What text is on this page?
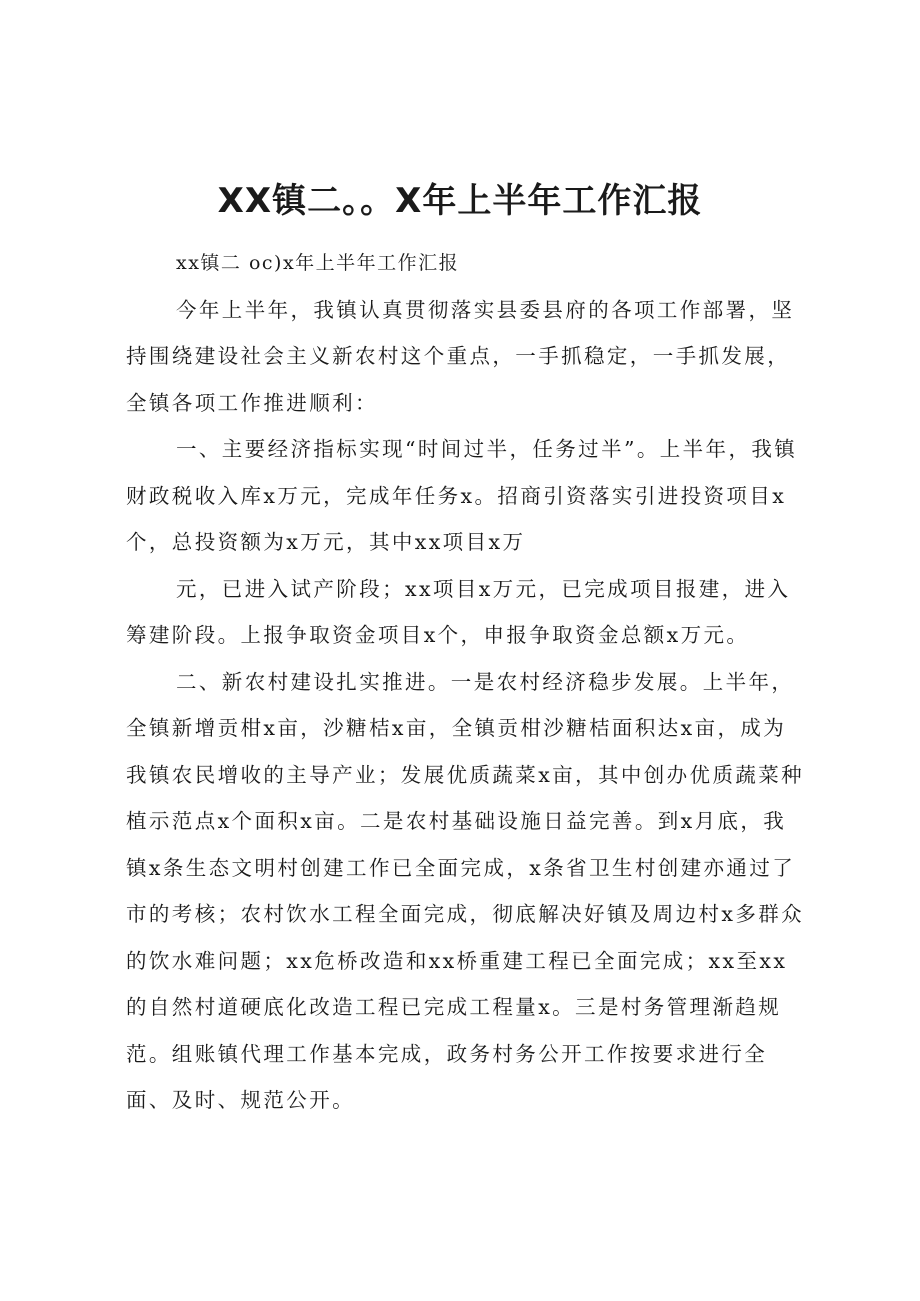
XX镇二。。X年上半年工作汇报

xx镇二 oc)x年上半年工作汇报

今年上半年，我镇认真贯彻落实县委县府的各项工作部署，坚持围绕建设社会主义新农村这个重点，一手抓稳定，一手抓发展，全镇各项工作推进顺利：

一、主要经济指标实现“时间过半，任务过半”。上半年，我镇财政税收入库x万元，完成年任务x。招商引资落实引进投资项目x个，总投资额为x万元，其中xx项目x万

元，已进入试产阶段；xx项目x万元，已完成项目报建，进入筹建阶段。上报争取资金项目x个，申报争取资金总额x万元。

二、新农村建设扎实推进。一是农村经济稳步发展。上半年，全镇新增贡柑x亩，沙糖桔x亩，全镇贡柑沙糖桔面积达x亩，成为我镇农民增收的主导产业；发展优质蔬菜x亩，其中创办优质蔬菜种植示范点x个面积x亩。二是农村基础设施日益完善。到x月底，我镇x条生态文明村创建工作已全面完成，x条省卫生村创建亦通过了市的考核；农村饮水工程全面完成，彻底解决好镇及周边村x多群众的饮水难问题；xx危桥改造和xx桥重建工程已全面完成；xx至xx的自然村道硬底化改造工程已完成工程量x。三是村务管理渐趋规范。组账镇代理工作基本完成，政务村务公开工作按要求进行全面、及时、规范公开。
